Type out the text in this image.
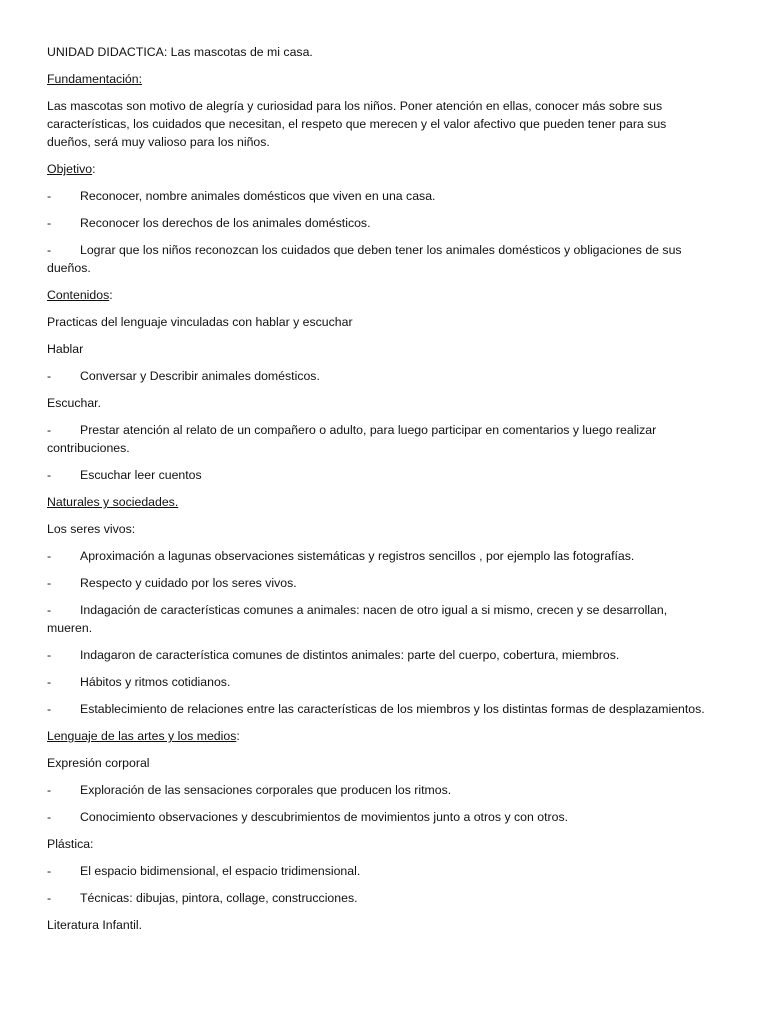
UNIDAD DIDACTICA: Las mascotas de mi casa.
Fundamentación:
Las mascotas son motivo de alegría y curiosidad para los niños. Poner atención en ellas, conocer más sobre sus características, los cuidados que necesitan, el respeto que merecen y el valor afectivo que pueden tener para sus dueños, será muy valioso para los niños.
Objetivo:
- Reconocer, nombre animales domésticos que viven en una casa.
- Reconocer los derechos de los animales domésticos.
- Lograr que los niños reconozcan los cuidados que deben tener los animales domésticos y obligaciones de sus dueños.
Contenidos:
Practicas del lenguaje vinculadas con hablar y escuchar
Hablar
- Conversar y Describir animales domésticos.
Escuchar.
- Prestar atención al relato de un compañero o adulto, para luego participar en comentarios y luego realizar contribuciones.
- Escuchar leer cuentos
Naturales y sociedades.
Los seres vivos:
- Aproximación a lagunas observaciones sistemáticas y registros sencillos , por ejemplo las fotografías.
- Respecto y cuidado por los seres vivos.
- Indagación de características comunes a animales: nacen de otro igual a si mismo, crecen y se desarrollan, mueren.
- Indagaron de característica comunes de distintos animales: parte del cuerpo, cobertura, miembros.
- Hábitos y ritmos cotidianos.
- Establecimiento de relaciones entre las características de los miembros y los distintas formas de desplazamientos.
Lenguaje de las artes y los medios:
Expresión corporal
- Exploración de las sensaciones corporales que producen los ritmos.
- Conocimiento observaciones y descubrimientos de movimientos junto a otros y con otros.
Plástica:
- El espacio bidimensional, el espacio tridimensional.
- Técnicas: dibujas, pintora, collage, construcciones.
Literatura Infantil.
